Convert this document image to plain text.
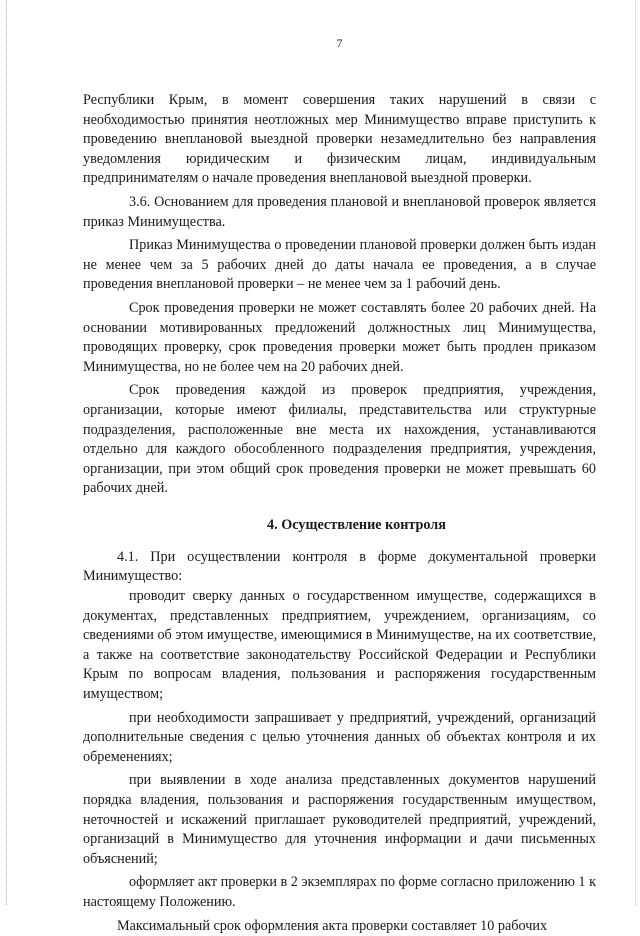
7

Республики Крым, в момент совершения таких нарушений в связи с необходимостью принятия неотложных мер Минимущество вправе приступить к проведению внеплановой выездной проверки незамедлительно без направления уведомления юридическим и физическим лицам, индивидуальным предпринимателям о начале проведения внеплановой выездной проверки.

3.6. Основанием для проведения плановой и внеплановой проверок является приказ Минимущества.

Приказ Минимущества о проведении плановой проверки должен быть издан не менее чем за 5 рабочих дней до даты начала ее проведения, а в случае проведения внеплановой проверки – не менее чем за 1 рабочий день.

Срок проведения проверки не может составлять более 20 рабочих дней. На основании мотивированных предложений должностных лиц Минимущества, проводящих проверку, срок проведения проверки может быть продлен приказом Минимущества, но не более чем на 20 рабочих дней.

Срок проведения каждой из проверок предприятия, учреждения, организации, которые имеют филиалы, представительства или структурные подразделения, расположенные вне места их нахождения, устанавливаются отдельно для каждого обособленного подразделения предприятия, учреждения, организации, при этом общий срок проведения проверки не может превышать 60 рабочих дней.

4. Осуществление контроля

4.1. При осуществлении контроля в форме документальной проверки Минимущество:

проводит сверку данных о государственном имуществе, содержащихся в документах, представленных предприятием, учреждением, организациям, со сведениями об этом имуществе, имеющимися в Минимуществе, на их соответствие, а также на соответствие законодательству Российской Федерации и Республики Крым по вопросам владения, пользования и распоряжения государственным имуществом;

при необходимости запрашивает у предприятий, учреждений, организаций дополнительные сведения с целью уточнения данных об объектах контроля и их обременениях;

при выявлении в ходе анализа представленных документов нарушений порядка владения, пользования и распоряжения государственным имуществом, неточностей и искажений приглашает руководителей предприятий, учреждений, организаций в Минимущество для уточнения информации и дачи письменных объяснений;

оформляет акт проверки в 2 экземплярах по форме согласно приложению 1 к настоящему Положению.

Максимальный срок оформления акта проверки составляет 10 рабочих
